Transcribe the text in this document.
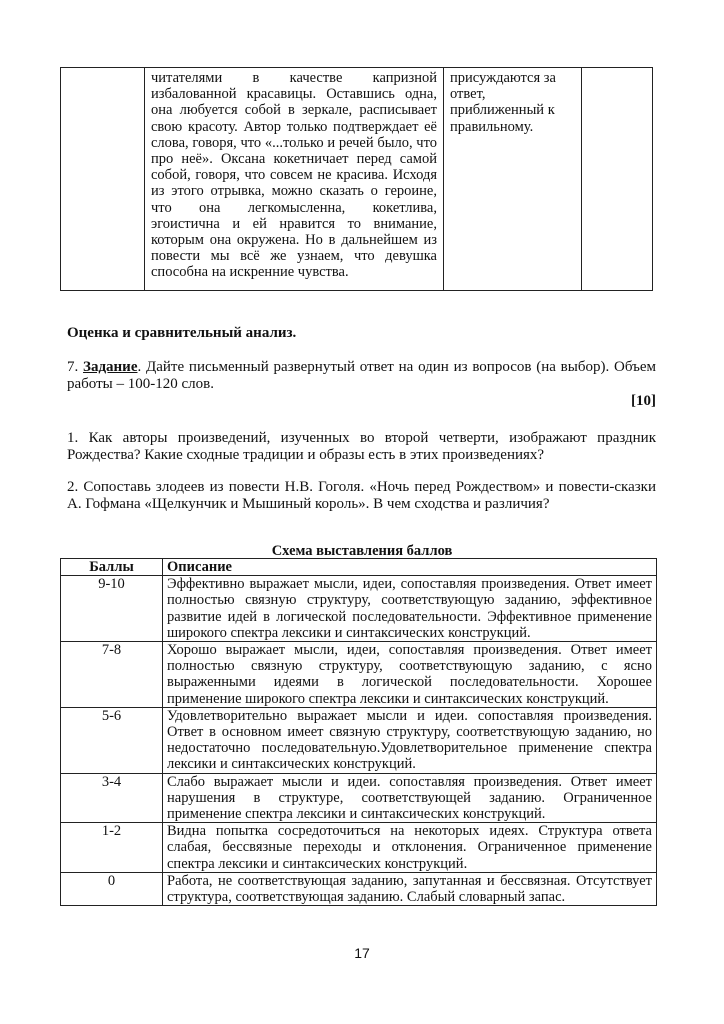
	читателями в качестве капризной избалованной красавицы. Оставшись одна, она любуется собой в зеркале, расписывает свою красоту. Автор только подтверждает её слова, говоря, что «...только и речей было, что про неё». Оксана кокетничает перед самой собой, говоря, что совсем не красива. Исходя из этого отрывка, можно сказать о героине, что она легкомысленна, кокетлива, эгоистична и ей нравится то внимание, которым она окружена. Но в дальнейшем из повести мы всё же узнаем, что девушка способна на искренние чувства.	присуждаются за ответ, приближенный к правильному.	
Оценка и сравнительный анализ.
7. Задание. Дайте письменный развернутый ответ на один из вопросов (на выбор). Объем работы – 100-120 слов.
[10]
1. Как авторы произведений, изученных во второй четверти, изображают праздник Рождества? Какие сходные традиции и образы есть в этих произведениях?
2. Сопоставь злодеев из повести Н.В. Гоголя. «Ночь перед Рождеством» и повести-сказки А. Гофмана «Щелкунчик и Мышиный король». В чем сходства и различия?
Схема выставления баллов
Баллы	Описание
9-10	Эффективно выражает мысли, идеи, сопоставляя произведения. Ответ имеет полностью связную структуру, соответствующую заданию, эффективное развитие идей в логической последовательности. Эффективное применение широкого спектра лексики и синтаксических конструкций.
7-8	Хорошо выражает мысли, идеи, сопоставляя произведения. Ответ имеет полностью связную структуру, соответствующую заданию, с ясно выраженными идеями в логической последовательности. Хорошее применение широкого спектра лексики и синтаксических конструкций.
5-6	Удовлетворительно выражает мысли и идеи. сопоставляя произведения. Ответ в основном имеет связную структуру, соответствующую заданию, но недостаточно последовательную.Удовлетворительное применение спектра лексики и синтаксических конструкций.
3-4	Слабо выражает мысли и идеи. сопоставляя произведения. Ответ имеет нарушения в структуре, соответствующей заданию. Ограниченное применение спектра лексики и синтаксических конструкций.
1-2	Видна попытка сосредоточиться на некоторых идеях. Структура ответа слабая, бессвязные переходы и отклонения. Ограниченное применение спектра лексики и синтаксических конструкций.
0	Работа, не соответствующая заданию, запутанная и бессвязная. Отсутствует структура, соответствующая заданию. Слабый словарный запас.
17
